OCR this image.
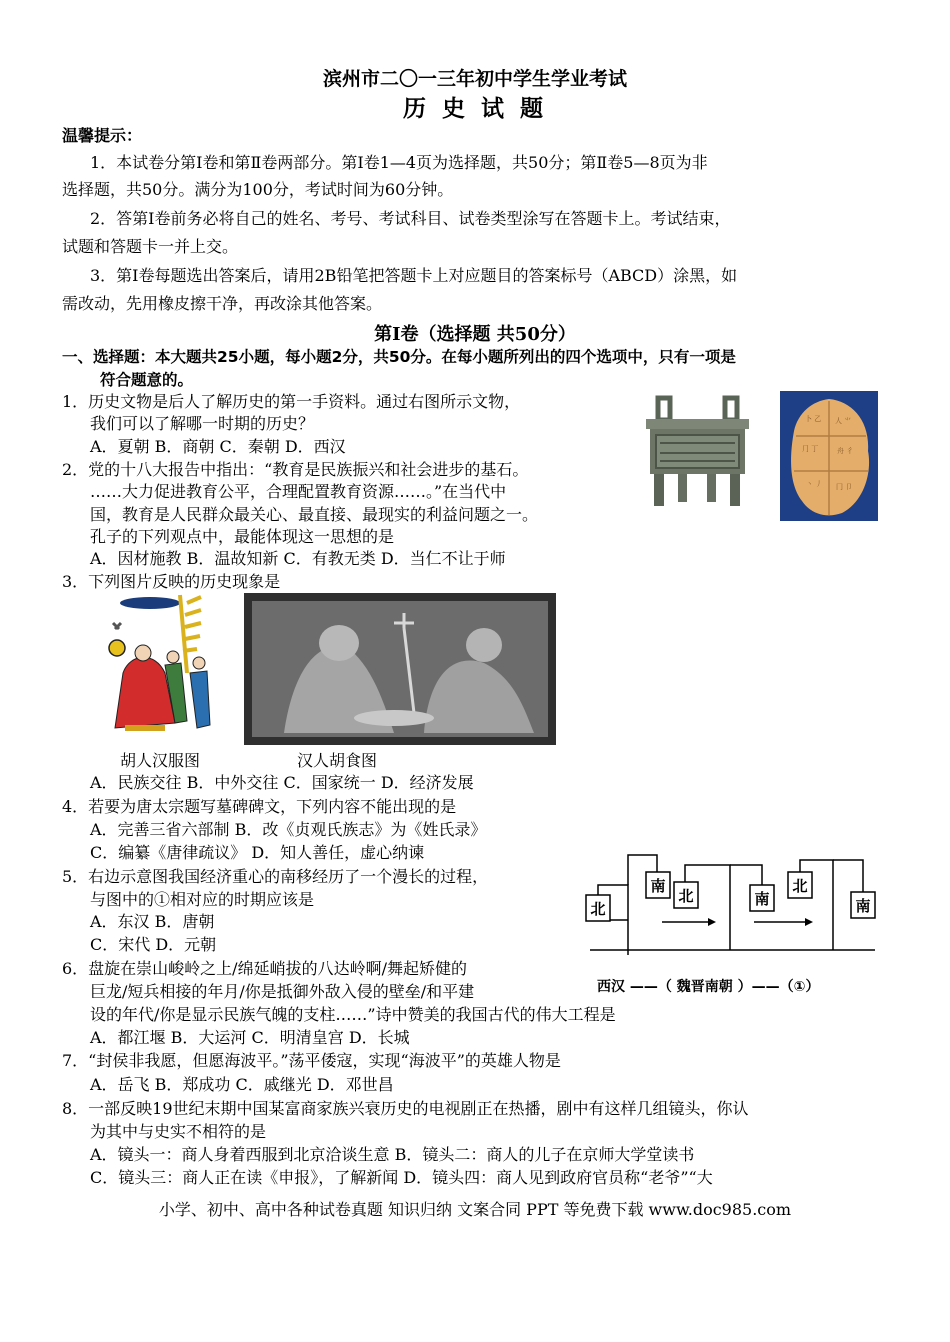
滨州市二〇一三年初中学生学业考试
历 史 试 题
温馨提示：
1．本试卷分第Ⅰ卷和第Ⅱ卷两部分。第Ⅰ卷1—4页为选择题，共50分；第Ⅱ卷5—8页为非
选择题，共50分。满分为100分，考试时间为60分钟。
2．答第Ⅰ卷前务必将自己的姓名、考号、考试科目、试卷类型涂写在答题卡上。考试结束，
试题和答题卡一并上交。
3．第Ⅰ卷每题选出答案后，请用2B铅笔把答题卡上对应题目的答案标号（ABCD）涂黑，如
需改动，先用橡皮擦干净，再改涂其他答案。
第Ⅰ卷（选择题 共50分）
一、选择题：本大题共25小题，每小题2分，共50分。在每小题所列出的四个选项中，只有一项是
符合题意的。
1．历史文物是后人了解历史的第一手资料。通过右图所示文物，
我们可以了解哪一时期的历史？
A．夏朝 B．商朝 C．秦朝 D．西汉
卜 ⼄ ⼈ ⺌
⺆ 丁	⾈ ⼻
⼂ ⼃ ⼌ ⼙
2．党的十八大报告中指出：“教育是民族振兴和社会进步的基石。
……大力促进教育公平，合理配置教育资源……。”在当代中
国，教育是人民群众最关心、最直接、最现实的利益问题之一。
孔子的下列观点中，最能体现这一思想的是
A．因材施教 B．温故知新 C．有教无类 D．当仁不让于师
3．下列图片反映的历史现象是
胡人汉服图	汉人胡食图
A．民族交往 B．中外交往 C．国家统一 D．经济发展
4．若要为唐太宗题写墓碑碑文，下列内容不能出现的是
A．完善三省六部制 B．改《贞观氏族志》为《姓氏录》
C．编纂《唐律疏议》 D．知人善任，虚心纳谏
5．右边示意图我国经济重心的南移经历了一个漫长的过程，
与图中的①相对应的时期应该是
A．东汉 B．唐朝
C．宋代 D．元朝
北
南
北	南
北
南
西汉 ——（ 魏晋南朝 ）——（①）
6．盘旋在崇山峻岭之上/绵延峭拔的八达岭啊/舞起矫健的
巨龙/短兵相接的年月/你是抵御外敌入侵的壁垒/和平建
设的年代/你是显示民族气魄的支柱……”诗中赞美的我国古代的伟大工程是
A．都江堰 B．大运河 C．明清皇宫 D．长城
7．“封侯非我愿，但愿海波平。”荡平倭寇，实现“海波平”的英雄人物是
A．岳飞 B．郑成功 C．戚继光 D．邓世昌
8．一部反映19世纪末期中国某富商家族兴衰历史的电视剧正在热播，剧中有这样几组镜头，你认
为其中与史实不相符的是
A．镜头一：商人身着西服到北京洽谈生意 B．镜头二：商人的儿子在京师大学堂读书
C．镜头三：商人正在读《申报》，了解新闻 D．镜头四：商人见到政府官员称“老爷”“大
小学、初中、高中各种试卷真题 知识归纳 文案合同 PPT 等免费下载 www.doc985.com
